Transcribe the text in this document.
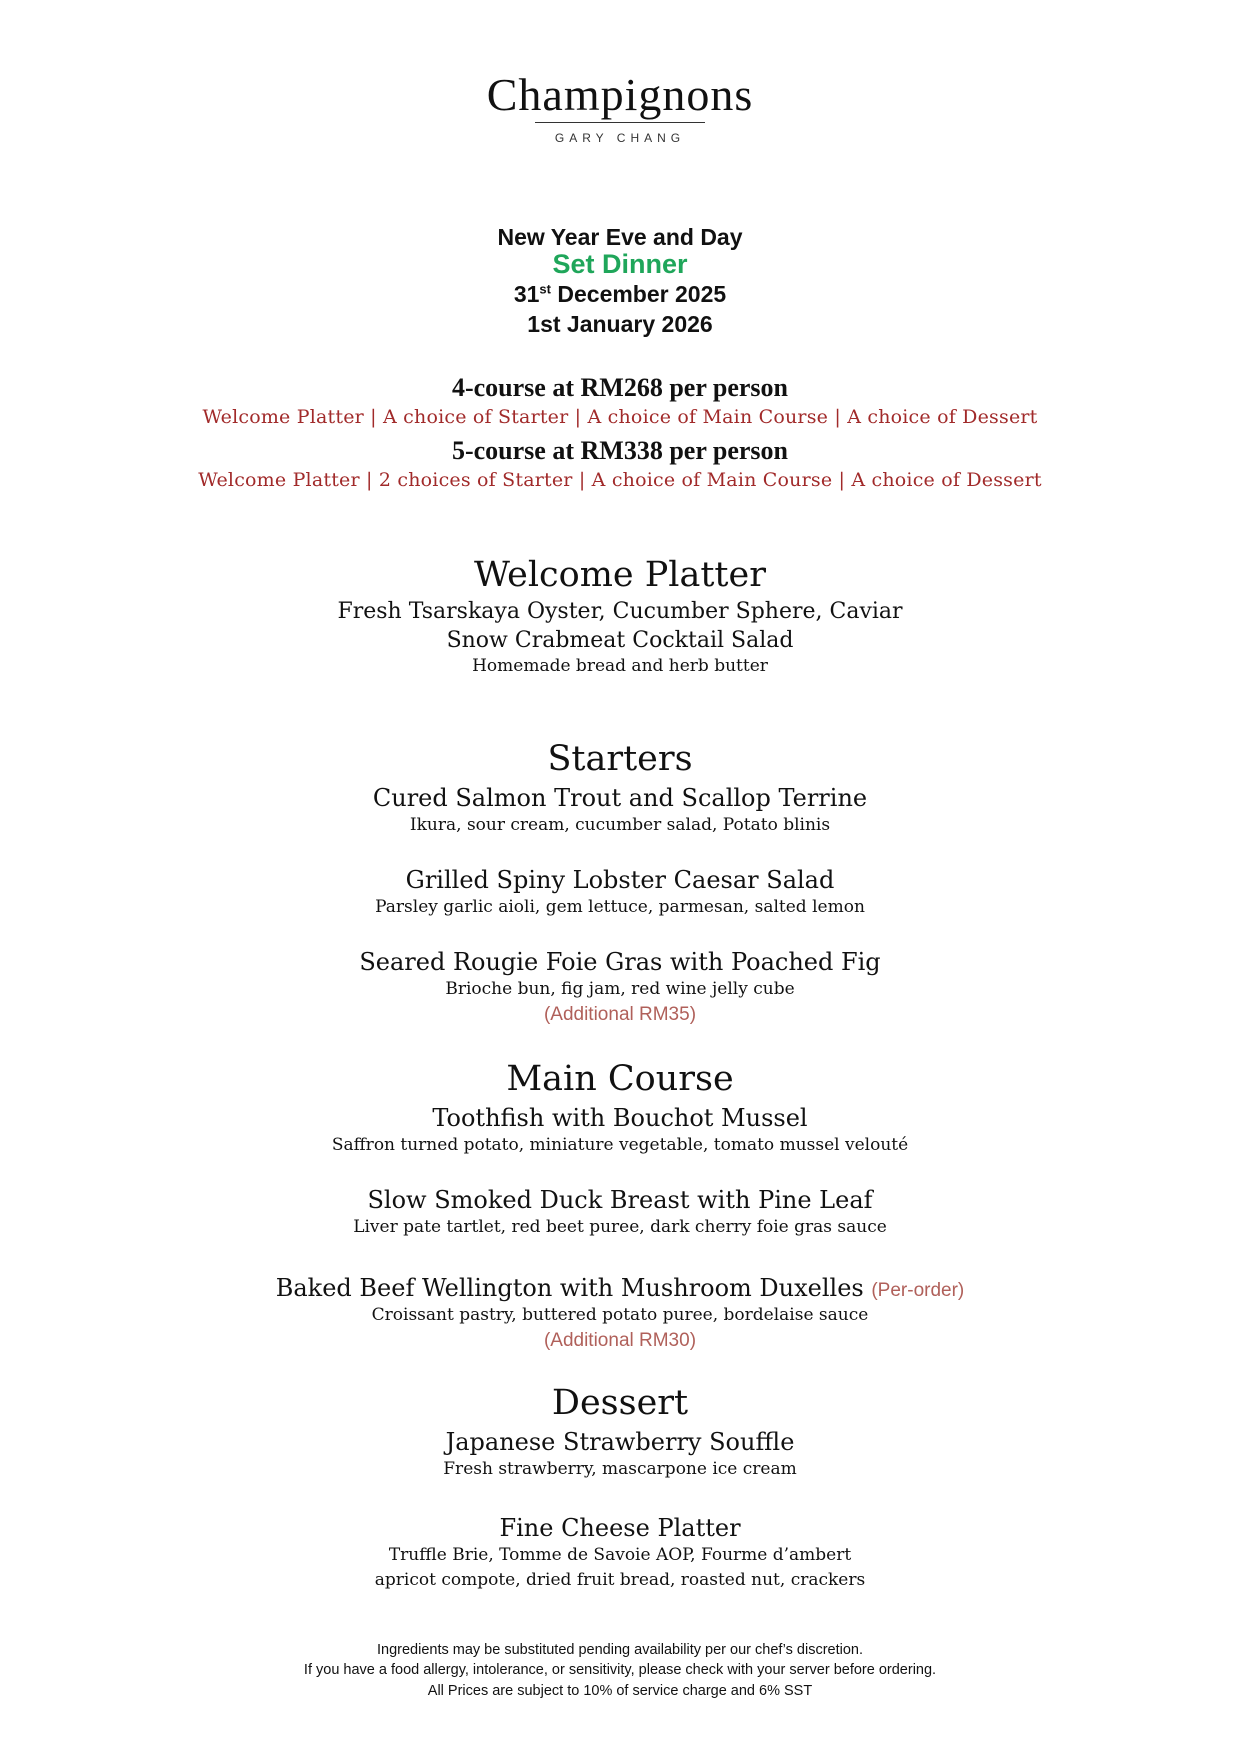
Champignons
GARY CHANG
New Year Eve and Day
Set Dinner
31st December 2025
1st January 2026
4-course at RM268 per person
Welcome Platter | A choice of Starter | A choice of Main Course | A choice of Dessert
5-course at RM338 per person
Welcome Platter | 2 choices of Starter | A choice of Main Course | A choice of Dessert
Welcome Platter
Fresh Tsarskaya Oyster, Cucumber Sphere, Caviar
Snow Crabmeat Cocktail Salad
Homemade bread and herb butter
Starters
Cured Salmon Trout and Scallop Terrine
Ikura, sour cream, cucumber salad, Potato blinis
Grilled Spiny Lobster Caesar Salad
Parsley garlic aioli, gem lettuce, parmesan, salted lemon
Seared Rougie Foie Gras with Poached Fig
Brioche bun, fig jam, red wine jelly cube
(Additional RM35)
Main Course
Toothfish with Bouchot Mussel
Saffron turned potato, miniature vegetable, tomato mussel velouté
Slow Smoked Duck Breast with Pine Leaf
Liver pate tartlet, red beet puree, dark cherry foie gras sauce
Baked Beef Wellington with Mushroom Duxelles (Per-order)
Croissant pastry, buttered potato puree, bordelaise sauce
(Additional RM30)
Dessert
Japanese Strawberry Souffle
Fresh strawberry, mascarpone ice cream
Fine Cheese Platter
Truffle Brie, Tomme de Savoie AOP, Fourme d’ambert
apricot compote, dried fruit bread, roasted nut, crackers
Ingredients may be substituted pending availability per our chef’s discretion.
If you have a food allergy, intolerance, or sensitivity, please check with your server before ordering.
All Prices are subject to 10% of service charge and 6% SST
